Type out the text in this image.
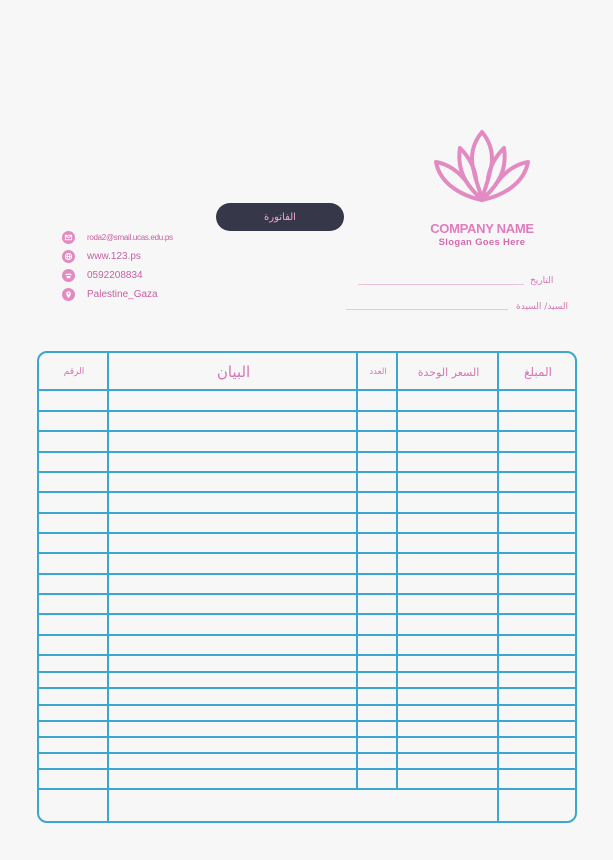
COMPANY NAME
Slogan Goes Here
الفاتورة
roda2@smail.ucas.edu.ps
www.123.ps
0592208834
Palestine_Gaza
التاريخ
السيد/ السيدة
الرقم	البيان	العدد	السعر الوحدة	المبلغ
